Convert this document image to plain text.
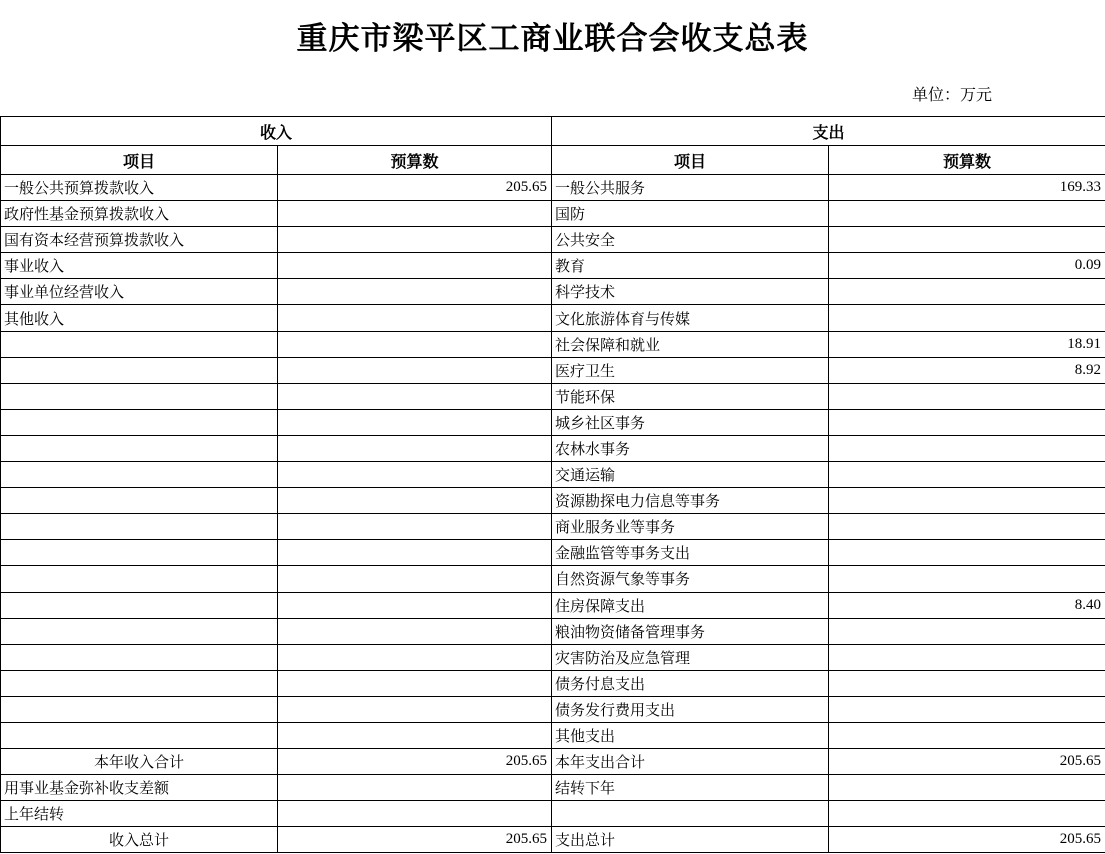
重庆市梁平区工商业联合会收支总表
单位：万元
收入		支出	
项目	预算数	项目	预算数
一般公共预算拨款收入	205.65	一般公共服务	169.33
政府性基金预算拨款收入		国防	
国有资本经营预算拨款收入		公共安全	
事业收入		教育	0.09
事业单位经营收入		科学技术	
其他收入		文化旅游体育与传媒	
		社会保障和就业	18.91
		医疗卫生	8.92
		节能环保	
		城乡社区事务	
		农林水事务	
		交通运输	
		资源勘探电力信息等事务	
		商业服务业等事务	
		金融监管等事务支出	
		自然资源气象等事务	
		住房保障支出	8.40
		粮油物资储备管理事务	
		灾害防治及应急管理	
		债务付息支出	
		债务发行费用支出	
		其他支出	
本年收入合计	205.65	本年支出合计	205.65
用事业基金弥补收支差额		结转下年	
上年结转			
收入总计	205.65	支出总计	205.65
